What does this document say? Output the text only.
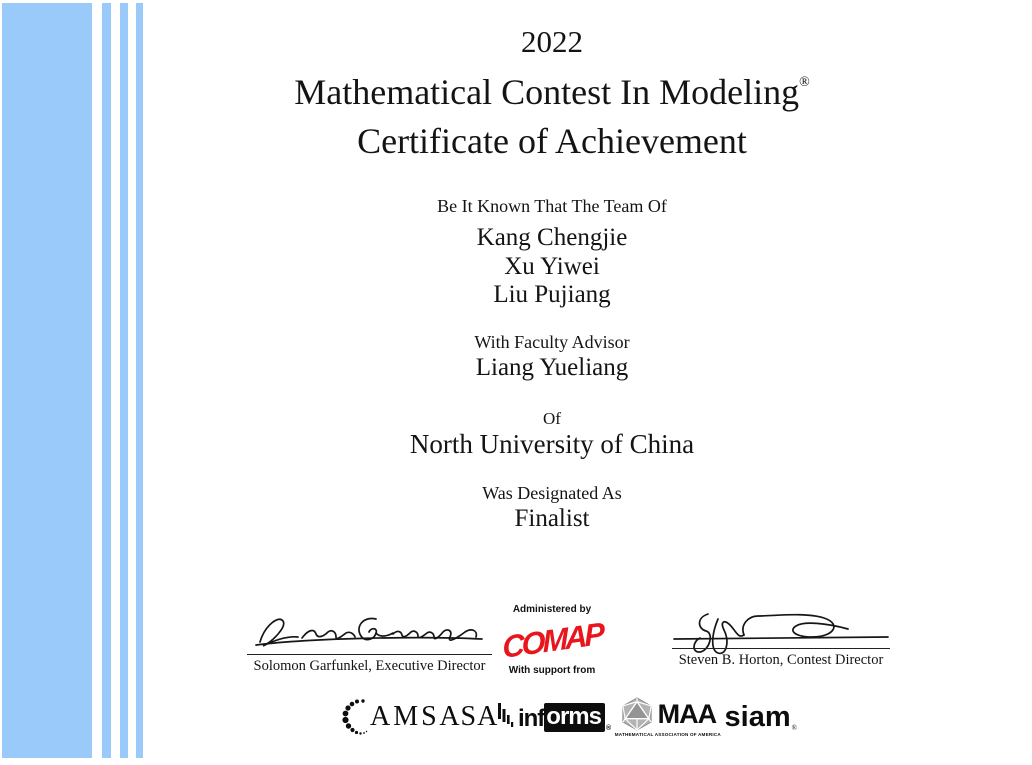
2022
Mathematical Contest In Modeling®
Certificate of Achievement
Be It Known That The Team Of
Kang Chengjie
Xu Yiwei
Liu Pujiang
With Faculty Advisor
Liang Yueliang
Of
North University of China
Was Designated As
Finalist
Solomon Garfunkel, Executive Director
Administered by
COMAP
With support from
Steven B. Horton, Contest Director
AMS ASA inf orms ® MAA
MATHEMATICAL ASSOCIATION OF AMERICA
siam ®
